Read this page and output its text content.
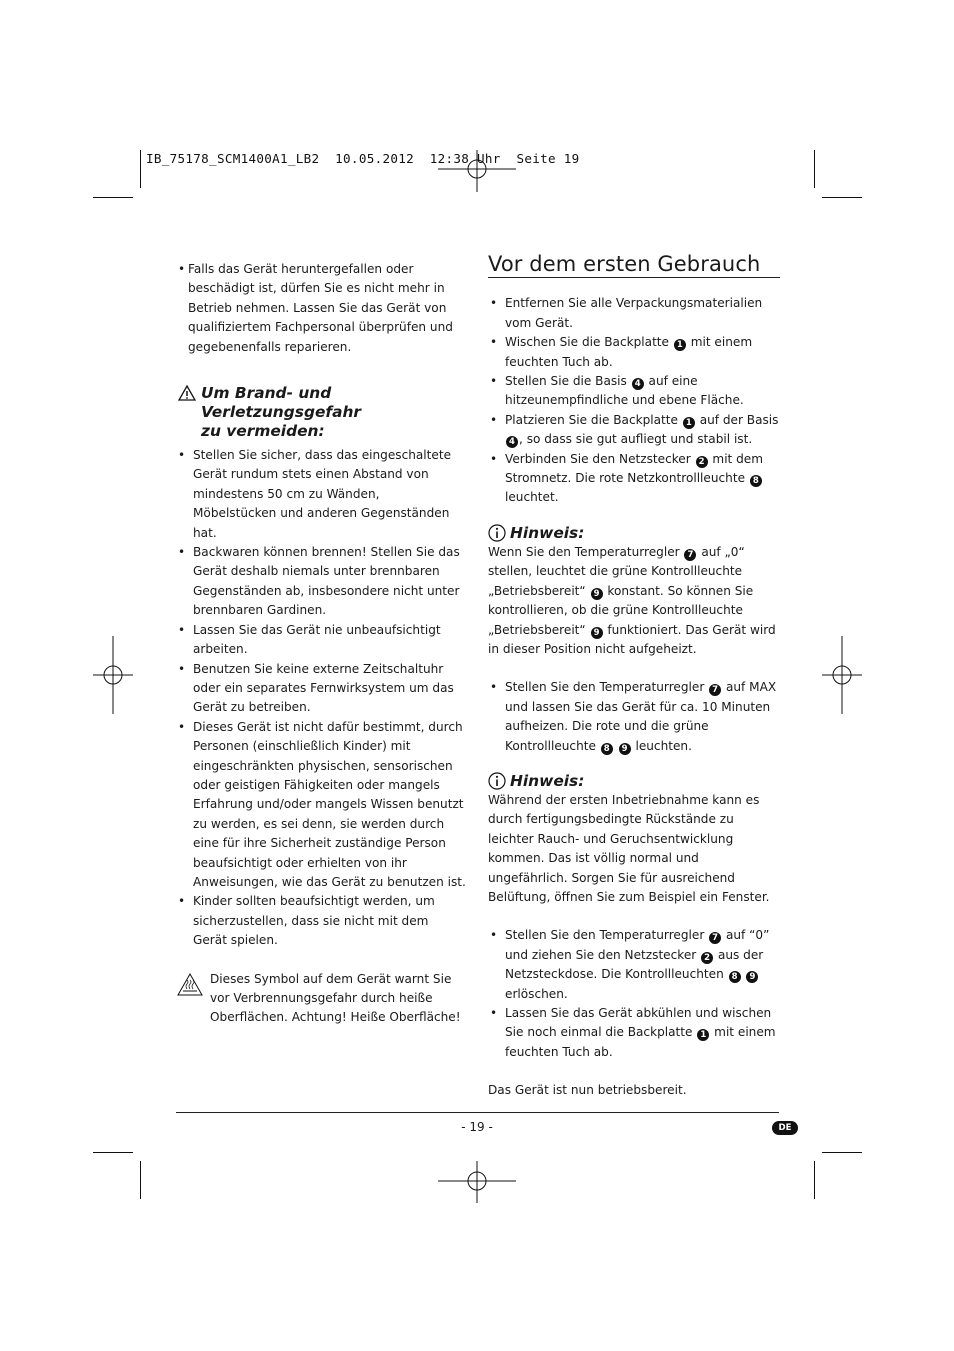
IB_75178_SCM1400A1_LB2  10.05.2012  12:38 Uhr  Seite 19
• Falls das Gerät heruntergefallen oder beschädigt ist, dürfen Sie es nicht mehr in Betrieb nehmen. Lassen Sie das Gerät von qualifiziertem Fachpersonal überprüfen und gegebenenfalls reparieren.
Um Brand- und Verletzungsgefahr
zu vermeiden:
• Stellen Sie sicher, dass das eingeschaltete Gerät rundum stets einen Abstand von mindestens 50 cm zu Wänden, Möbelstücken und anderen Gegenständen hat.
• Backwaren können brennen! Stellen Sie das Gerät deshalb niemals unter brennbaren Gegenständen ab, insbesondere nicht unter brennbaren Gardinen.
• Lassen Sie das Gerät nie unbeaufsichtigt arbeiten.
• Benutzen Sie keine externe Zeitschaltuhr oder ein separates Fernwirksystem um das Gerät zu betreiben.
• Dieses Gerät ist nicht dafür bestimmt, durch Personen (einschließlich Kinder) mit eingeschränkten physischen, sensorischen oder geistigen Fähigkeiten oder mangels Erfahrung und/oder mangels Wissen benutzt zu werden, es sei denn, sie werden durch eine für ihre Sicherheit zuständige Person beaufsichtigt oder erhielten von ihr Anweisungen, wie das Gerät zu benutzen ist.
• Kinder sollten beaufsichtigt werden, um sicherzustellen, dass sie nicht mit dem Gerät spielen.
Dieses Symbol auf dem Gerät warnt Sie vor Verbrennungsgefahr durch heiße Oberflächen. Achtung! Heiße Oberfläche!
Vor dem ersten Gebrauch
• Entfernen Sie alle Verpackungsmaterialien vom Gerät.
• Wischen Sie die Backplatte 1 mit einem feuchten Tuch ab.
• Stellen Sie die Basis 4 auf eine hitzeunempfindliche und ebene Fläche.
• Platzieren Sie die Backplatte 1 auf der Basis 4 , so dass sie gut aufliegt und stabil ist.
• Verbinden Sie den Netzstecker 2 mit dem Stromnetz. Die rote Netzkontrollleuchte 8 leuchtet.
Hinweis:
Wenn Sie den Temperaturregler 7 auf „0“ stellen, leuchtet die grüne Kontrollleuchte „Betriebsbereit“ 9 konstant. So können Sie kontrollieren, ob die grüne Kontrollleuchte „Betriebsbereit“ 9 funktioniert. Das Gerät wird in dieser Position nicht aufgeheizt.
• Stellen Sie den Temperaturregler 7 auf MAX und lassen Sie das Gerät für ca. 10 Minuten aufheizen. Die rote und die grüne Kontrollleuchte 8 9 leuchten.
Hinweis:
Während der ersten Inbetriebnahme kann es durch fertigungsbedingte Rückstände zu leichter Rauch- und Geruchsentwicklung kommen. Das ist völlig normal und ungefährlich. Sorgen Sie für ausreichend Belüftung, öffnen Sie zum Beispiel ein Fenster.
• Stellen Sie den Temperaturregler 7 auf “0” und ziehen Sie den Netzstecker 2 aus der Netzsteckdose. Die Kontrollleuchten 8 9 erlöschen.
• Lassen Sie das Gerät abkühlen und wischen Sie noch einmal die Backplatte 1 mit einem feuchten Tuch ab.
Das Gerät ist nun betriebsbereit.
- 19 -	DE
